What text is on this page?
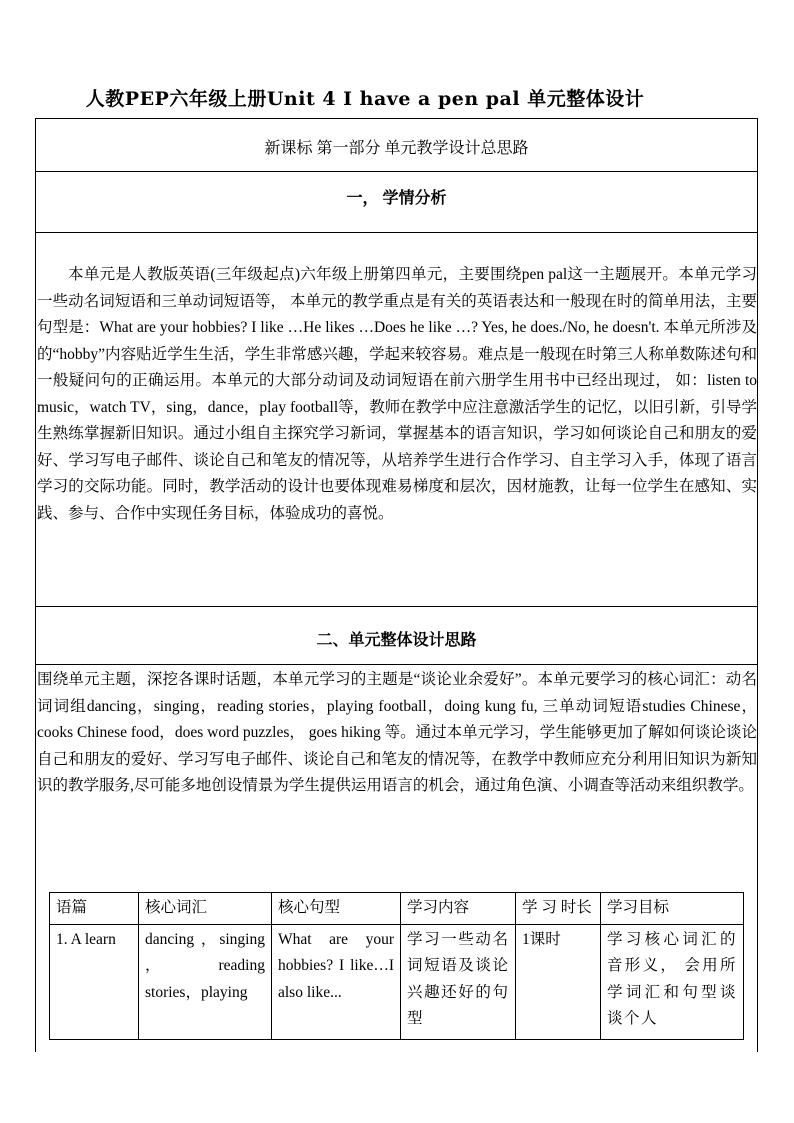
人教PEP六年级上册Unit 4 I have a pen pal 单元整体设计
新课标 第一部分 单元教学设计总思路
一， 学情分析
本单元是人教版英语(三年级起点)六年级上册第四单元，主要围绕pen pal这一主题展开。本单元学习一些动名词短语和三单动词短语等， 本单元的教学重点是有关的英语表达和一般现在时的简单用法，主要句型是：What are your hobbies? I like …He likes …Does he like …? Yes, he does./No, he doesn't. 本单元所涉及的“hobby”内容贴近学生生活，学生非常感兴趣，学起来较容易。难点是一般现在时第三人称单数陈述句和一般疑问句的正确运用。本单元的大部分动词及动词短语在前六册学生用书中已经出现过， 如：listen to music，watch TV，sing，dance，play football等，教师在教学中应注意激活学生的记忆，以旧引新，引导学生熟练掌握新旧知识。通过小组自主探究学习新词，掌握基本的语言知识，学习如何谈论自己和朋友的爱好、学习写电子邮件、谈论自己和笔友的情况等，从培养学生进行合作学习、自主学习入手，体现了语言学习的交际功能。同时，教学活动的设计也要体现难易梯度和层次，因材施教，让每一位学生在感知、实践、参与、合作中实现任务目标，体验成功的喜悦。
二、单元整体设计思路
围绕单元主题，深挖各课时话题，本单元学习的主题是“谈论业余爱好”。本单元要学习的核心词汇：动名词词组dancing，singing，reading stories，playing football，doing kung fu, 三单动词短语studies Chinese，cooks Chinese food，does word puzzles， goes hiking 等。通过本单元学习，学生能够更加了解如何谈论谈论自己和朋友的爱好、学习写电子邮件、谈论自己和笔友的情况等，在教学中教师应充分利用旧知识为新知识的教学服务,尽可能多地创设情景为学生提供运用语言的机会，通过角色演、小调查等活动来组织教学。
语篇	核心词汇	核心句型	学习内容	学 习 时长	学习目标
1. A learn	dancing ，singing ，reading stories，playing	What are your hobbies? I like…I also like...	学习一些动名词短语及谈论兴趣还好的句型	1课时	学习核心词汇的音形义， 会用所学词汇和句型谈谈个人
